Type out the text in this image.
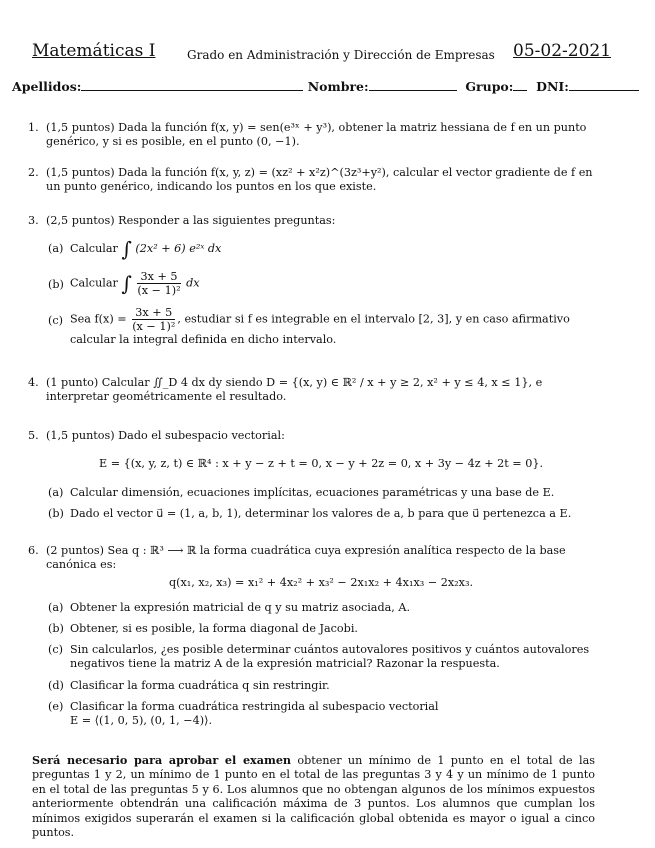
Matemáticas I	Grado en Administración y Dirección de Empresas 05-02-2021
Apellidos:	Nombre:	Grupo: DNI:
1. (1,5 puntos) Dada la función f(x, y) = sen(e³ˣ + y³), obtener la matriz hessiana de f en un punto genérico, y si es posible, en el punto (0, −1).
2. (1,5 puntos) Dada la función f(x, y, z) = (xz² + x²z)^(3z³+y²), calcular el vector gradiente de f en un punto genérico, indicando los puntos en los que existe.
3. (2,5 puntos) Responder a las siguientes preguntas:
(a) Calcular ∫ (2x² + 6) e²ˣ dx
(b) Calcular ∫ $\frac{3x + 5}{\text{(x − 1)²}}$ dx
(c) Sea $f(x) = \frac{3x + 5}{\text{(x − 1)²}}$ , estudiar si f es integrable en el intervalo [2, 3], y en caso afirmativo calcular la integral definida en dicho intervalo.
4. (1 punto) Calcular ∬_D 4 dx dy siendo D = {(x, y) ∈ ℝ² / x + y ≥ 2, x² + y ≤ 4, x ≤ 1}, e interpretar geométricamente el resultado.
5. (1,5 puntos) Dado el subespacio vectorial:
E = {(x, y, z, t) ∈ ℝ⁴ : x + y − z + t = 0, x − y + 2z = 0, x + 3y − 4z + 2t = 0}.
(a) Calcular dimensión, ecuaciones implícitas, ecuaciones paramétricas y una base de E.
(b) Dado el vector u⃗ = (1, a, b, 1), determinar los valores de a, b para que u⃗ pertenezca a E.
6. (2 puntos) Sea q : ℝ³ ⟶ ℝ la forma cuadrática cuya expresión analítica respecto de la base canónica es:
q(x₁, x₂, x₃) = x₁² + 4x₂² + x₃² − 2x₁x₂ + 4x₁x₃ − 2x₂x₃.
(a) Obtener la expresión matricial de q y su matriz asociada, A.
(b) Obtener, si es posible, la forma diagonal de Jacobi.
(c) Sin calcularlos, ¿es posible determinar cuántos autovalores positivos y cuántos autovalores negativos tiene la matriz A de la expresión matricial? Razonar la respuesta.
(d) Clasificar la forma cuadrática q sin restringir.
(e) Clasificar la forma cuadrática restringida al subespacio vectorial
E = ⟨(1, 0, 5), (0, 1, −4)⟩.
Será necesario para aprobar el examen obtener un mínimo de 1 punto en el total de las preguntas 1 y 2, un mínimo de 1 punto en el total de las preguntas 3 y 4 y un mínimo de 1 punto en el total de las preguntas 5 y 6. Los alumnos que no obtengan algunos de los mínimos expuestos anteriormente obtendrán una calificación máxima de 3 puntos. Los alumnos que cumplan los mínimos exigidos superarán el examen si la calificación global obtenida es mayor o igual a cinco puntos.
